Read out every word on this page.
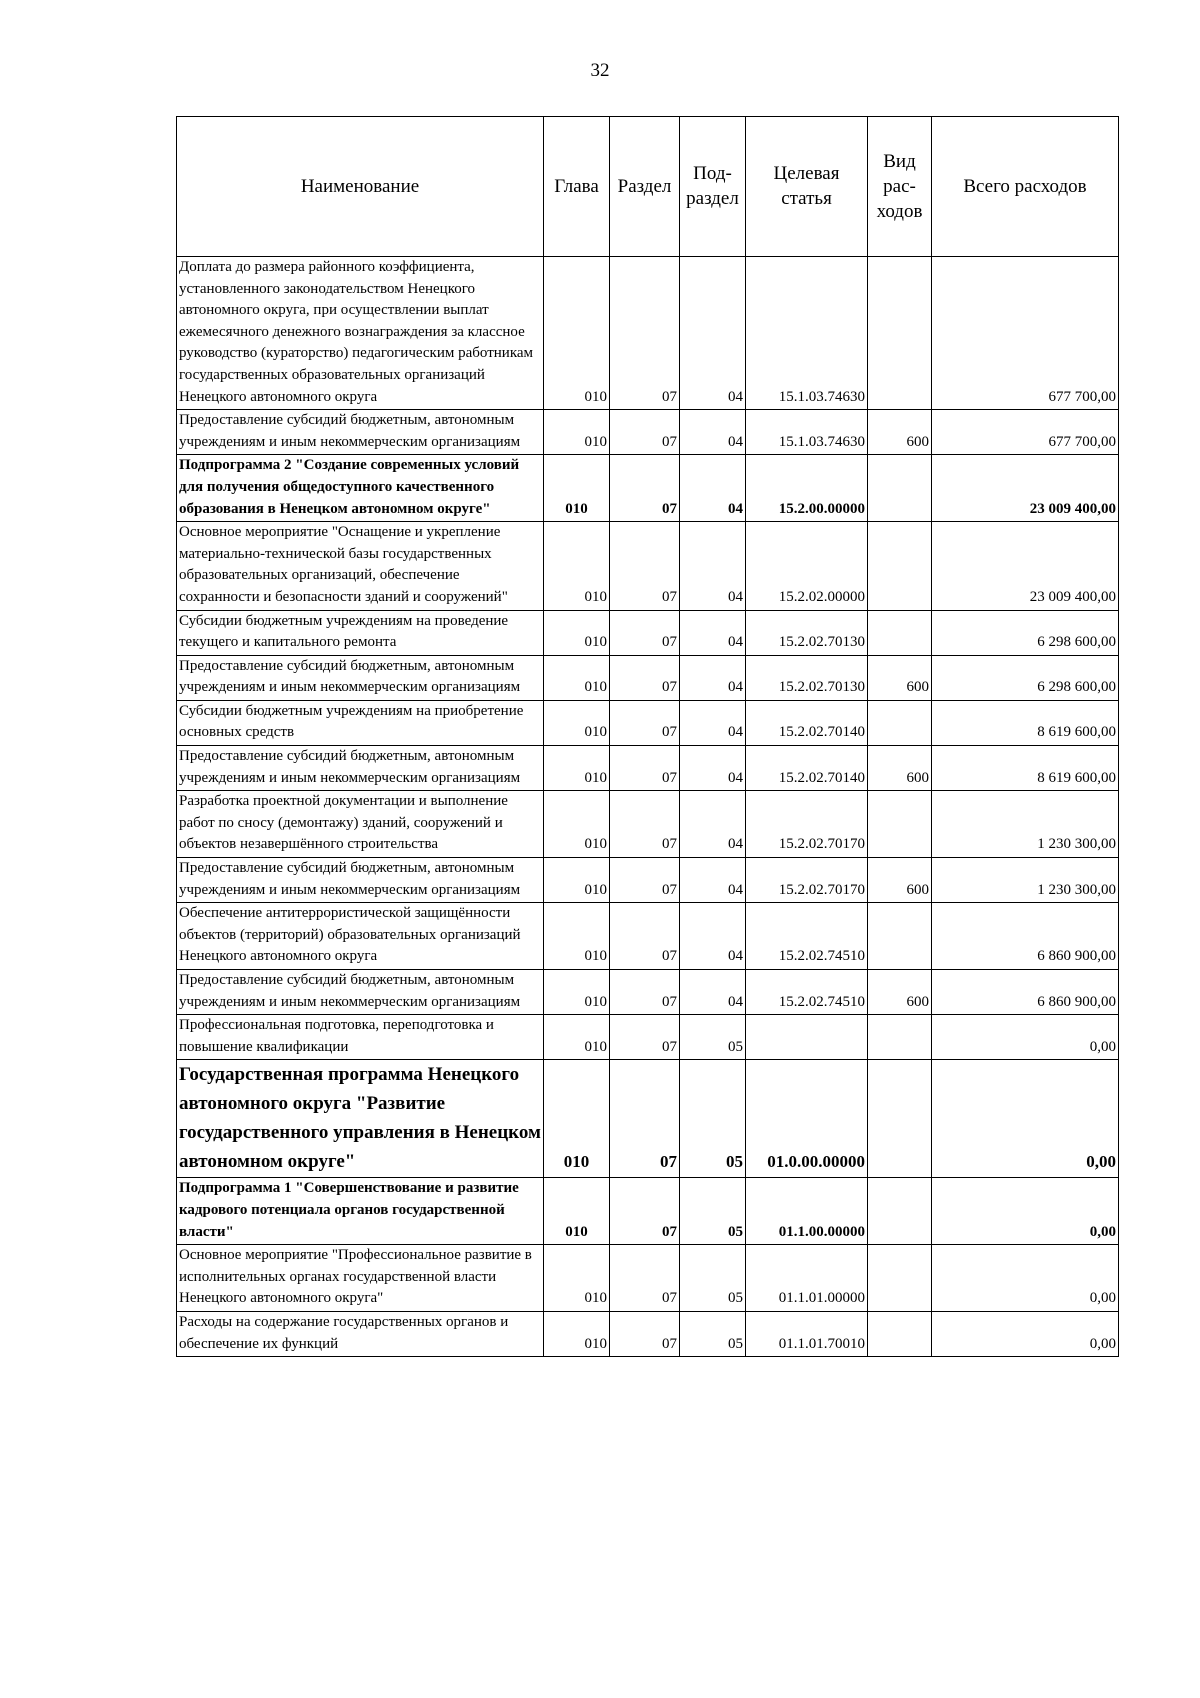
32
Наименование	Глава	Раздел	Под-раздел	Целевая статья	Вид рас-ходов	Всего расходов
Доплата до размера районного коэффициента, установленного законодательством Ненецкого автономного округа, при осуществлении выплат ежемесячного денежного вознаграждения за классное руководство (кураторство) педагогическим работникам государственных образовательных организаций Ненецкого автономного округа	010	07	04	15.1.03.74630		677 700,00
Предоставление субсидий бюджетным, автономным учреждениям и иным некоммерческим организациям	010	07	04	15.1.03.74630	600	677 700,00
Подпрограмма 2 "Создание современных условий для получения общедоступного качественного образования в Ненецком автономном округе"	010	07	04	15.2.00.00000		23 009 400,00
Основное мероприятие "Оснащение и укрепление материально-технической базы государственных образовательных организаций, обеспечение сохранности и безопасности зданий и сооружений"	010	07	04	15.2.02.00000		23 009 400,00
Субсидии бюджетным учреждениям на проведение текущего и капитального ремонта	010	07	04	15.2.02.70130		6 298 600,00
Предоставление субсидий бюджетным, автономным учреждениям и иным некоммерческим организациям	010	07	04	15.2.02.70130	600	6 298 600,00
Субсидии бюджетным учреждениям на приобретение основных средств	010	07	04	15.2.02.70140		8 619 600,00
Предоставление субсидий бюджетным, автономным учреждениям и иным некоммерческим организациям	010	07	04	15.2.02.70140	600	8 619 600,00
Разработка проектной документации и выполнение работ по сносу (демонтажу) зданий, сооружений и объектов незавершённого строительства	010	07	04	15.2.02.70170		1 230 300,00
Предоставление субсидий бюджетным, автономным учреждениям и иным некоммерческим организациям	010	07	04	15.2.02.70170	600	1 230 300,00
Обеспечение антитеррористической защищённости объектов (территорий) образовательных организаций Ненецкого автономного округа	010	07	04	15.2.02.74510		6 860 900,00
Предоставление субсидий бюджетным, автономным учреждениям и иным некоммерческим организациям	010	07	04	15.2.02.74510	600	6 860 900,00
Профессиональная подготовка, переподготовка и повышение квалификации	010	07	05			0,00
Государственная программа Ненецкого автономного округа "Развитие государственного управления в Ненецком автономном округе"	010	07	05	01.0.00.00000		0,00
Подпрограмма 1 "Совершенствование и развитие кадрового потенциала органов государственной власти"	010	07	05	01.1.00.00000		0,00
Основное мероприятие "Профессиональное развитие в исполнительных органах государственной власти Ненецкого автономного округа"	010	07	05	01.1.01.00000		0,00
Расходы на содержание государственных органов и обеспечение их функций	010	07	05	01.1.01.70010		0,00
